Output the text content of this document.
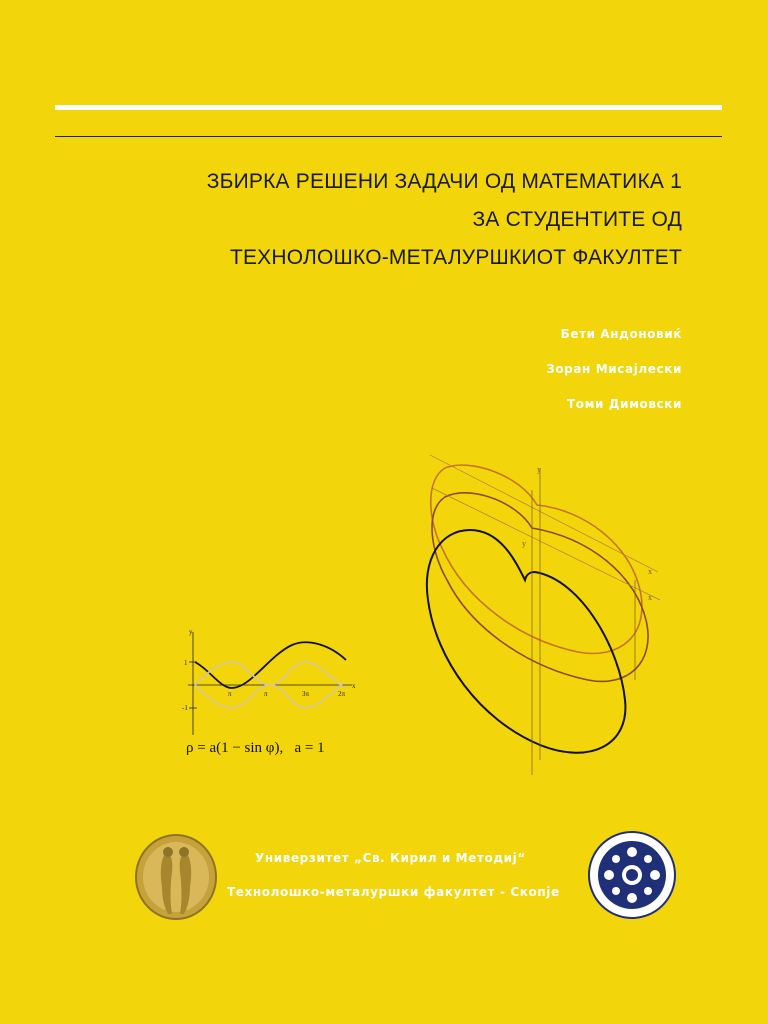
ЗБИРКА РЕШЕНИ ЗАДАЧИ ОД МАТЕМАТИКА 1
ЗА СТУДЕНТИТЕ ОД
ТЕХНОЛОШКО-МЕТАЛУРШКИОТ ФАКУЛТЕТ
Бети Андоновиќ
Зоран Мисајлески
Томи Димовски
y
x
x
y
y
x
1
-1
π	π	3π	2π
ρ = a(1 − sin φ),   a = 1
Универзитет „Св. Кирил и Методиј“
Технолошко-металуршки факултет - Скопје
